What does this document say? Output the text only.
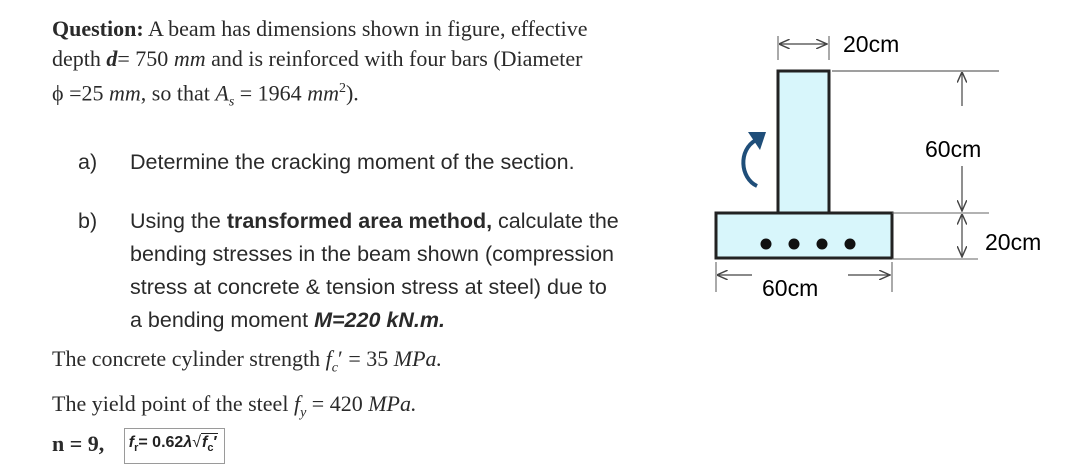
Question: A beam has dimensions shown in figure, effective
depth d= 750 mm and is reinforced with four bars (Diameter
ϕ =25 mm, so that $A_s = 1964$ $mm^2$).
a) Determine the cracking moment of the section.
b) Using the transformed area method, calculate the
bending stresses in the beam shown (compression
stress at concrete & tension stress at steel) due to
a bending moment M=220 kN.m.
The concrete cylinder strength $f_c' = 35$ MPa.
The yield point of the steel $f_y = 420$ MPa.
n = 9, $f_r= 0.62\lambda√f_c'$
20cm
60cm
20cm
60cm
